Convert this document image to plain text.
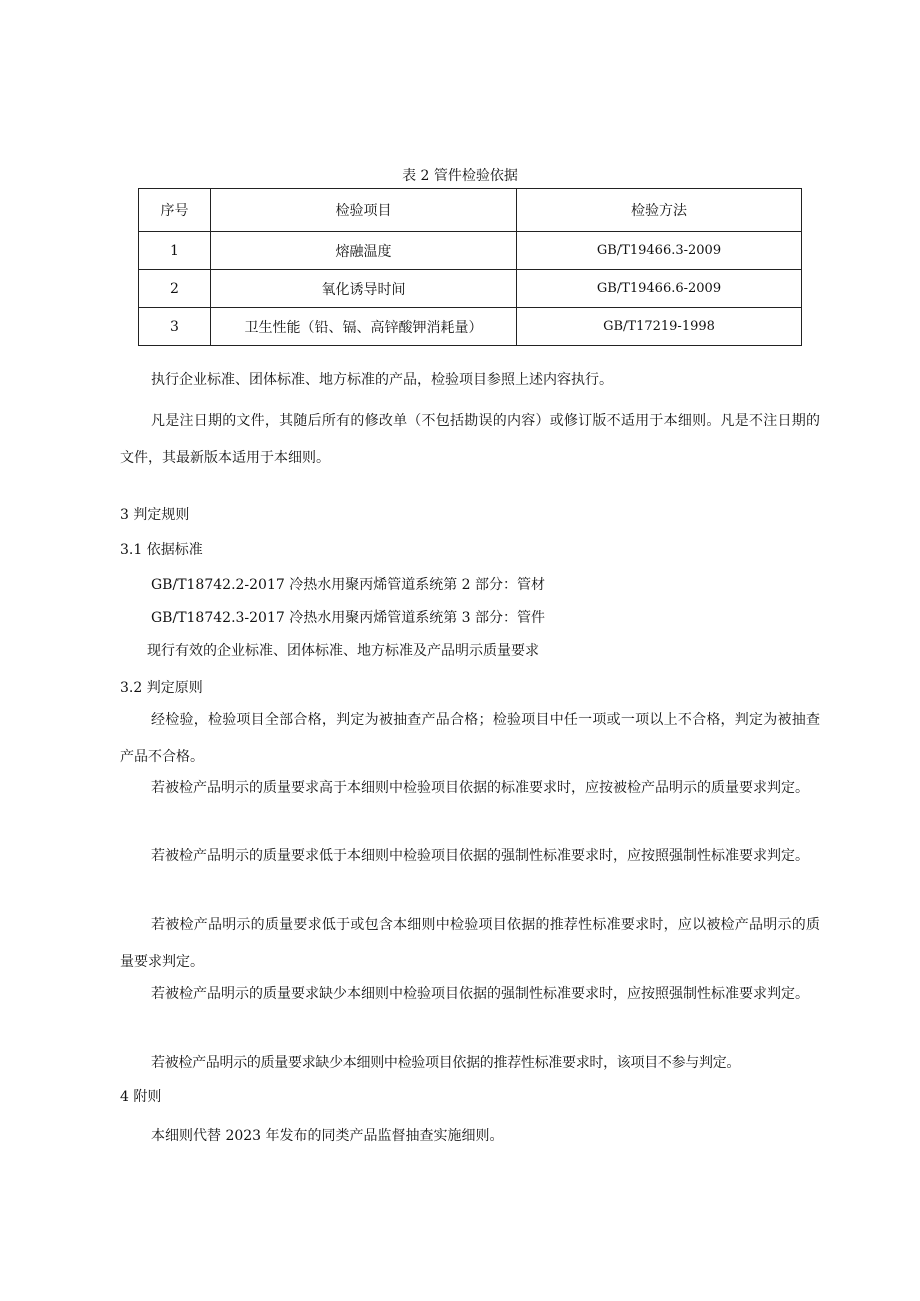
表 2 管件检验依据
序号	检验项目	检验方法
1	熔融温度	GB/T19466.3-2009
2	氧化诱导时间	GB/T19466.6-2009
3	卫生性能（铅、镉、高锌酸钾消耗量）	GB/T17219-1998

执行企业标准、团体标准、地方标准的产品，检验项目参照上述内容执行。

凡是注日期的文件，其随后所有的修改单（不包括勘误的内容）或修订版不适用于本细则。凡是不注日期的文件，其最新版本适用于本细则。

3 判定规则
3.1 依据标准
GB/T18742.2-2017 冷热水用聚丙烯管道系统第 2 部分：管材
GB/T18742.3-2017 冷热水用聚丙烯管道系统第 3 部分：管件
现行有效的企业标准、团体标准、地方标准及产品明示质量要求
3.2 判定原则

经检验，检验项目全部合格，判定为被抽查产品合格；检验项目中任一项或一项以上不合格，判定为被抽查产品不合格。

若被检产品明示的质量要求高于本细则中检验项目依据的标准要求时，应按被检产品明示的质量要求判定。

若被检产品明示的质量要求低于本细则中检验项目依据的强制性标准要求时，应按照强制性标准要求判定。

若被检产品明示的质量要求低于或包含本细则中检验项目依据的推荐性标准要求时，应以被检产品明示的质量要求判定。

若被检产品明示的质量要求缺少本细则中检验项目依据的强制性标准要求时，应按照强制性标准要求判定。

若被检产品明示的质量要求缺少本细则中检验项目依据的推荐性标准要求时，该项目不参与判定。

4 附则
本细则代替 2023 年发布的同类产品监督抽查实施细则。
